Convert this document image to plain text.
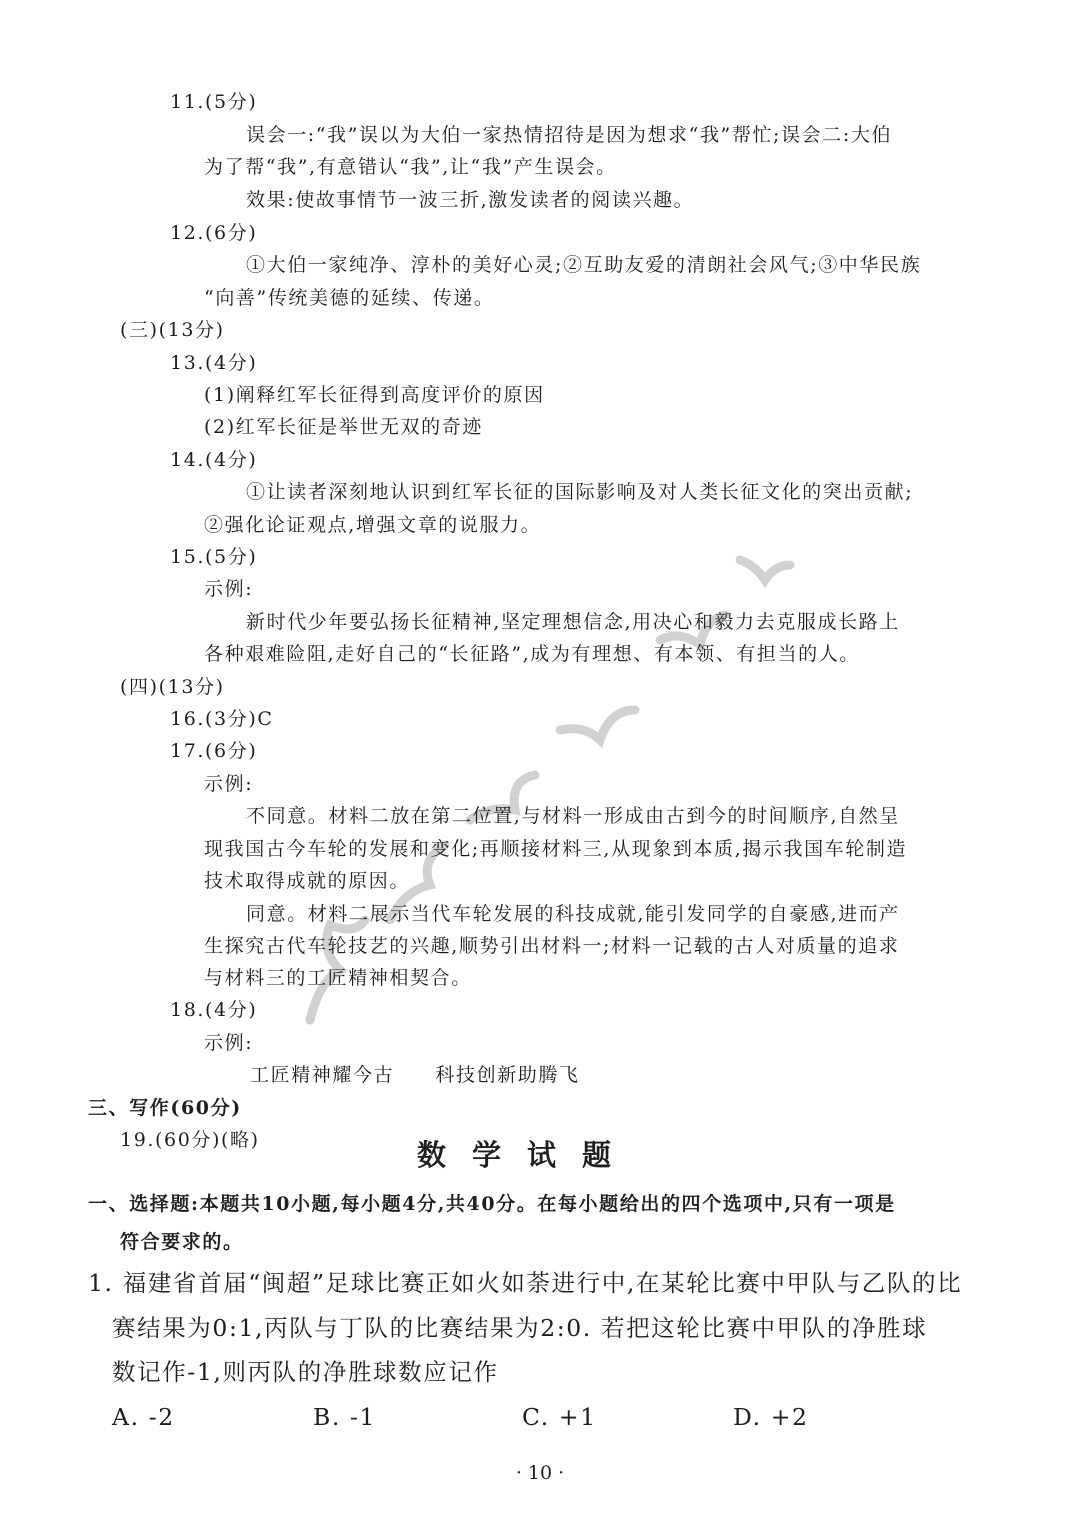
11.(5分)
误会一:“我”误以为大伯一家热情招待是因为想求“我”帮忙;误会二:大伯
为了帮“我”,有意错认“我”,让“我”产生误会。
效果:使故事情节一波三折,激发读者的阅读兴趣。
12.(6分)
①大伯一家纯净、淳朴的美好心灵;②互助友爱的清朗社会风气;③中华民族
“向善”传统美德的延续、传递。
(三)(13分)
13.(4分)
(1)阐释红军长征得到高度评价的原因
(2)红军长征是举世无双的奇迹
14.(4分)
①让读者深刻地认识到红军长征的国际影响及对人类长征文化的突出贡献;
②强化论证观点,增强文章的说服力。
15.(5分)
示例:
新时代少年要弘扬长征精神,坚定理想信念,用决心和毅力去克服成长路上
各种艰难险阻,走好自己的“长征路”,成为有理想、有本领、有担当的人。
(四)(13分)
16.(3分)C
17.(6分)
示例:
不同意。材料二放在第二位置,与材料一形成由古到今的时间顺序,自然呈
现我国古今车轮的发展和变化;再顺接材料三,从现象到本质,揭示我国车轮制造
技术取得成就的原因。
同意。材料二展示当代车轮发展的科技成就,能引发同学的自豪感,进而产
生探究古代车轮技艺的兴趣,顺势引出材料一;材料一记载的古人对质量的追求
与材料三的工匠精神相契合。
18.(4分)
示例:
工匠精神耀今古　　科技创新助腾飞
三、写作(60分)
19.(60分)(略)	数学试题
一、选择题:本题共10小题,每小题4分,共40分。在每小题给出的四个选项中,只有一项是
符合要求的。
1. 福建省首届“闽超”足球比赛正如火如荼进行中,在某轮比赛中甲队与乙队的比
赛结果为0:1,丙队与丁队的比赛结果为2:0. 若把这轮比赛中甲队的净胜球
数记作-1,则丙队的净胜球数应记作
A. -2	B. -1	C. +1	D. +2
· 10 ·
